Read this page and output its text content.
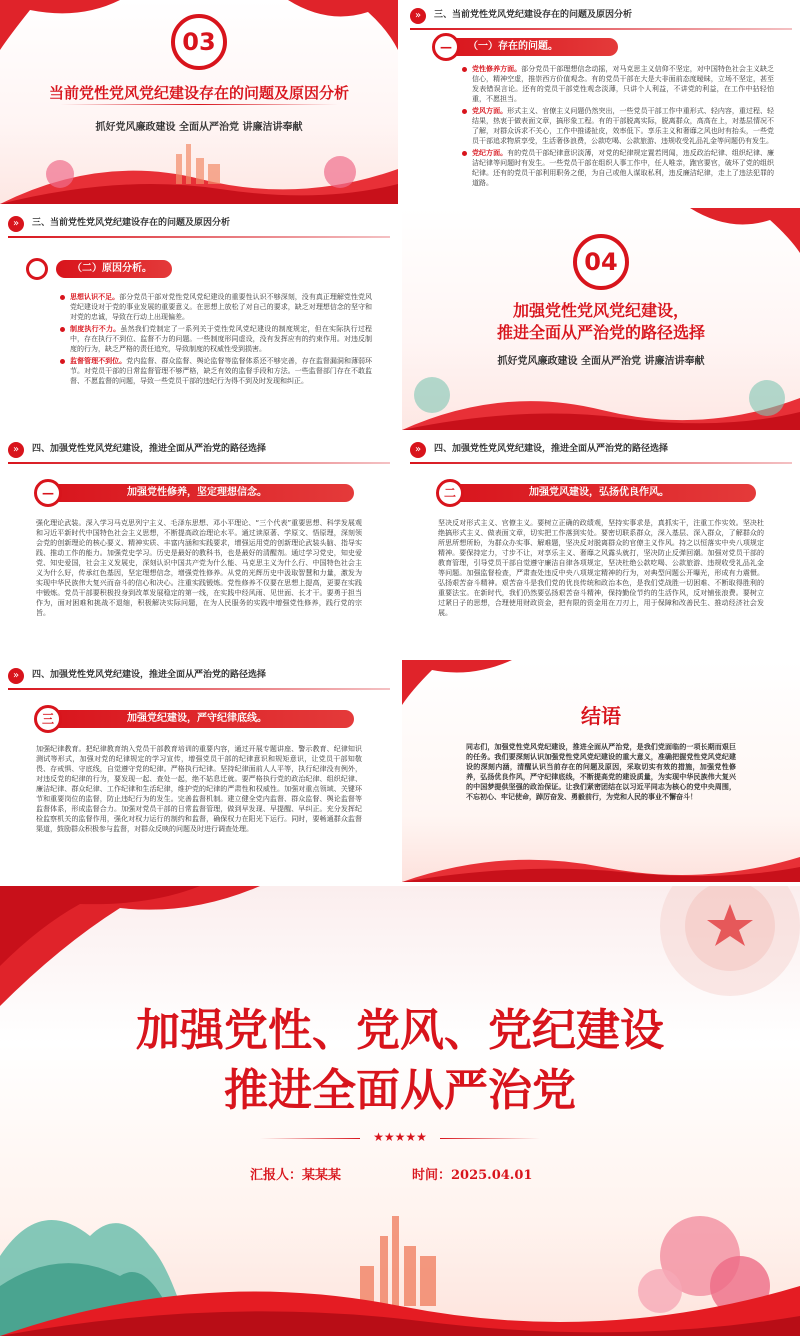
03
当前党性党风党纪建设存在的问题及原因分析
抓好党风廉政建设 全面从严治党 讲廉洁讲奉献
»	三、当前党性党风党纪建设存在的问题及原因分析
—	（一）存在的问题。
党性修养方面。部分党员干部理想信念动摇，对马克思主义信仰不坚定，对中国特色社会主义缺乏信心，精神空虚，推崇西方价值观念。有的党员干部在大是大非面前态度暧昧，立场不坚定，甚至发表错误言论。还有的党员干部党性观念淡薄，只讲个人利益，不讲党的利益，在工作中拈轻怕重，不愿担当。
党风方面。形式主义、官僚主义问题仍然突出，一些党员干部工作中重形式、轻内容，重过程、轻结果，热衷于做表面文章，搞形象工程。有的干部脱离实际，脱离群众，高高在上，对基层情况不了解，对群众诉求不关心，工作中推诿扯皮，效率低下。享乐主义和奢靡之风也时有抬头，一些党员干部追求物质享受，生活奢侈浪费，公款吃喝、公款旅游、违规收受礼品礼金等问题仍有发生。
党纪方面。有的党员干部纪律意识淡薄，对党的纪律规定置若罔闻，违反政治纪律、组织纪律、廉洁纪律等问题时有发生。一些党员干部在组织人事工作中，任人唯亲，跑官要官，破坏了党的组织纪律。还有的党员干部利用职务之便，为自己或他人谋取私利，违反廉洁纪律，走上了违法犯罪的道路。
»	三、当前党性党风党纪建设存在的问题及原因分析
（二）原因分析。
思想认识不足。部分党员干部对党性党风党纪建设的重要性认识不够深刻，没有真正理解党性党风党纪建设对于党的事业发展的重要意义。在思想上放松了对自己的要求，缺乏对理想信念的坚守和对党的忠诚，导致在行动上出现偏差。
制度执行不力。虽然我们党制定了一系列关于党性党风党纪建设的制度规定，但在实际执行过程中，存在执行不到位、监督不力的问题。一些制度形同虚设，没有发挥应有的约束作用。对违反制度的行为，缺乏严格的责任追究，导致制度的权威性受到损害。
监督管理不到位。党内监督、群众监督、舆论监督等监督体系还不够完善，存在监督漏洞和薄弱环节。对党员干部的日常监督管理不够严格，缺乏有效的监督手段和方法。一些监督部门存在不敢监督、不愿监督的问题，导致一些党员干部的违纪行为得不到及时发现和纠正。
04
加强党性党风党纪建设，
推进全面从严治党的路径选择
抓好党风廉政建设 全面从严治党 讲廉洁讲奉献
»	四、加强党性党风党纪建设，推进全面从严治党的路径选择
—	加强党性修养，坚定理想信念。
强化理论武装。深入学习马克思列宁主义、毛泽东思想、邓小平理论、“三个代表”重要思想、科学发展观和习近平新时代中国特色社会主义思想，不断提高政治理论水平。通过读原著、学原文、悟原理，深刻领会党的创新理论的核心要义、精神实质、丰富内涵和实践要求，增强运用党的创新理论武装头脑、指导实践、推动工作的能力。加强党史学习。历史是最好的教科书，也是最好的清醒剂。通过学习党史，知史爱党、知史爱国，社会主义发展史，深刻认识中国共产党为什么能、马克思主义为什么行、中国特色社会主义为什么好，传承红色基因，坚定理想信念，增强党性修养。从党的光辉历史中汲取智慧和力量，激发为实现中华民族伟大复兴而奋斗的信心和决心。注重实践锻炼。党性修养不仅要在思想上提高，更要在实践中锻炼。党员干部要积极投身到改革发展稳定的第一线，在实践中经风雨、见世面、长才干。要勇于担当作为，面对困难和挑战不退缩，积极解决实际问题，在为人民服务的实践中增强党性修养，践行党的宗旨。
»	四、加强党性党风党纪建设，推进全面从严治党的路径选择
二	加强党风建设，弘扬优良作风。
坚决反对形式主义、官僚主义。要树立正确的政绩观，坚持实事求是，真抓实干，注重工作实效。坚决杜绝搞形式主义、做表面文章，切实把工作落到实处。要密切联系群众，深入基层、深入群众，了解群众的所思所想所盼，为群众办实事、解难题，坚决反对脱离群众的官僚主义作风。持之以恒落实中央八项规定精神。要保持定力，寸步不让，对享乐主义、奢靡之风露头就打，坚决防止反弹回潮。加强对党员干部的教育管理，引导党员干部自觉遵守廉洁自律各项规定，坚决杜绝公款吃喝、公款旅游、违规收受礼品礼金等问题。加强监督检查，严肃查处违反中央八项规定精神的行为，对典型问题公开曝光，形成有力震慑。弘扬艰苦奋斗精神。艰苦奋斗是我们党的优良传统和政治本色，是我们党战胜一切困难、不断取得胜利的重要法宝。在新时代，我们仍然要弘扬艰苦奋斗精神，保持勤俭节约的生活作风，反对铺张浪费。要树立过紧日子的思想，合理使用财政资金，把有限的资金用在刀刃上，用于保障和改善民生、推动经济社会发展。
»	四、加强党性党风党纪建设，推进全面从严治党的路径选择
三	加强党纪建设，严守纪律底线。
加强纪律教育。把纪律教育纳入党员干部教育培训的重要内容，通过开展专题讲座、警示教育、纪律知识测试等形式，加强对党的纪律规定的学习宣传，增强党员干部的纪律意识和规矩意识，让党员干部知敬畏、存戒惧、守底线，自觉遵守党的纪律。严格执行纪律。坚持纪律面前人人平等，执行纪律没有例外，对违反党的纪律的行为，要发现一起、查处一起，绝不姑息迁就。要严格执行党的政治纪律、组织纪律、廉洁纪律、群众纪律、工作纪律和生活纪律，维护党的纪律的严肃性和权威性。加强对重点领域、关键环节和重要岗位的监督，防止违纪行为的发生。完善监督机制。建立健全党内监督、群众监督、舆论监督等监督体系，形成监督合力。加强对党员干部的日常监督管理，做到早发现、早提醒、早纠正。充分发挥纪检监察机关的监督作用，强化对权力运行的制约和监督，确保权力在阳光下运行。同时，要畅通群众监督渠道，鼓励群众积极参与监督，对群众反映的问题及时进行调查处理。
结语
同志们，加强党性党风党纪建设，推进全面从严治党，是我们党面临的一项长期而艰巨的任务。我们要深刻认识加强党性党风党纪建设的重大意义，准确把握党性党风党纪建设的深刻内涵，清醒认识当前存在的问题及原因，采取切实有效的措施，加强党性修养，弘扬优良作风，严守纪律底线，不断提高党的建设质量，为实现中华民族伟大复兴的中国梦提供坚强的政治保证。让我们紧密团结在以习近平同志为核心的党中央周围，不忘初心、牢记使命，踔厉奋发、勇毅前行，为党和人民的事业不懈奋斗！
加强党性、党风、党纪建设
推进全面从严治党
★★★★★
汇报人：某某某	时间：2025.04.01
